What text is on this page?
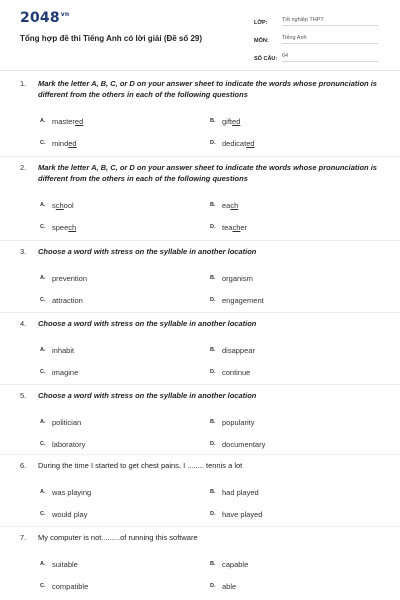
$2048^{vn}$
Tổng hợp đề thi Tiếng Anh có lời giải (Đề số 29)
LỚP:	Tốt nghiệp THPT
MÔN:	Tiếng Anh
SỐ CÂU: 64
1.	Mark the letter A, B, C, or D on your answer sheet to indicate the words whose pronunciation is different from the others in each of the following questions
A. mastered	B. gifted
C. minded	D. dedicated
2.	Mark the letter A, B, C, or D on your answer sheet to indicate the words whose pronunciation is different from the others in each of the following questions
A. school	B. each
C. speech	D. teacher
3.	Choose a word with stress on the syllable in another location
A. prevention	B. organism
C. attraction	D. engagement
4.	Choose a word with stress on the syllable in another location
A. inhabit	B. disappear
C. imagine	D. continue
5.	Choose a word with stress on the syllable in another location
A. politician	B. popularity
C. laboratory	D. documentary
6.	During the time I started to get chest pains, I ........ tennis a lot
A. was playing	B. had played
C. would play	D. have played
7.	My computer is not.........of running this software
A. suitable	B. capable
C. compatible	D. able
